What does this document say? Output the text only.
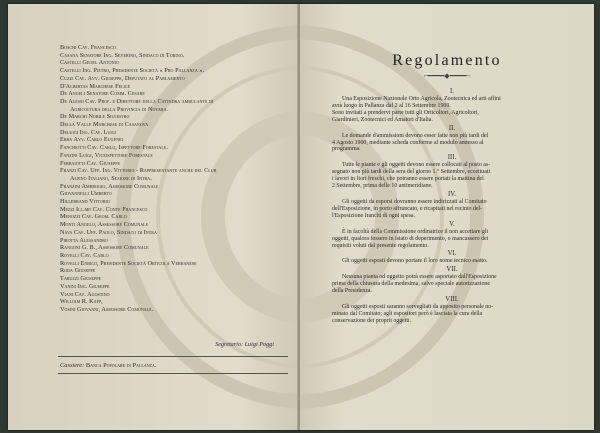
Boschi Cav. Francesco
Casana Senatore Ing. Severino, Sindaco di Torino.
Castelli Geom. Antonio
Castelli Ing. Pietro, Presidente Società « Pro Pallanza ».
Cuzzi Cav. Avv. Giuseppe, Deputato al Parlamento
D'Albertas Marchese Felice
De Angeli Senatore Comm. Cesare
De Alessi Cav. Prof. e Direttore della Cattedra ambulante di
Agricoltura della Provincia di Novara.
De Marchi Nobile Silvestro
Della Valle Marchese di Casanova
Deluigi Ing. Cav. Luigi
Erba Avv. Carlo Eugenio
Fanchiotti Cav. Carlo, Ispettore Forestale.
Fanzini Luigi, Viceispettore Forestale
Ferraiotti Cav. Giuseppe
Franzi Cav. Uff. Ing. Vittorio - Rappresentante anche del Club
Alpino Italiano, Sezione di Intra.
Franzini Ambrogio, Assessore Comunale
Giovannelli Umberto
Hillebrand Vittorio
Mezzi Ill.mo Cav. Conte Francesco
Menozzi Cav. Geom. Carlo
Monti Angelo, Assessore Comunale
Nava Cav. Uff. Paolo, Sindaco di Intra
Pirotta Alessandro
Rangoni G. B., Assessore Comunale
Rovelli Cav. Carlo
Rovelli Enrico, Presidente Società Orticola Verbanese
Roda Giuseppe
Taruzzi Giuseppe
Vanini Ing. Giuseppe
Viani Cav. Agostino
William R. Kapp,
Vosini Giovanni, Assessore Comunale.
Segretario: Luigi Poggi
Cassiere: Banca Popolare di Pallanza.
Regolamento
⌐━━━━◆━━━━¬
I.
Una Esposizione Nazionale Orto Agricola, Zootecnica ed arti affini
avrà luogo in Pallanza dal 2 al 16 Settembre 1900.
Sono invitati a prendervi parte tutti gli Orticoltori, Agricoltori,
Giardinieri, Zootecnici ed Amatori d'Italia.
II.
Le domande d'ammissioni devono esser fatte non più tardi del
4 Agosto 1900, mediante scheda conforme al modulo annesso al
programma.
III.
Tutte le piante e gli oggetti devono essere collocati al posto as-
segnato non più tardi della sera del giorno 1.° Settembre, eccettuati
i lavori in fiori freschi, che potranno essere portati la mattina del
2 Settembre, prima delle 10 antimeridiane.
IV.
Gli oggetti da esporsi dovranno essere indirizzati al Comitato
dell'Esposizione, in porto affrancato, e ricapitati nel recinto del-
l'Esposizione franchi di ogni spesa.
V.
È in facoltà della Commissione ordinatrice il non accettare gli
oggetti, qualora fossero in istato di deperimento, o mancassero dei
requisiti voluti dal presente regolamento.
VI.
Gli oggetti esposti devono portare il loro nome tecnico esatto.
VII.
Nessuna pianta od oggetto potrà essere asportato dall'Esposizione
prima della chiusura della medesima, salvo speciale autorizzazione
della Presidenza.
VIII.
Gli oggetti esposti saranno sorvegliati da apposito personale no-
minato dal Comitato; agli espositori però è lasciata la cura della
conservazione dei proprii oggetti.
